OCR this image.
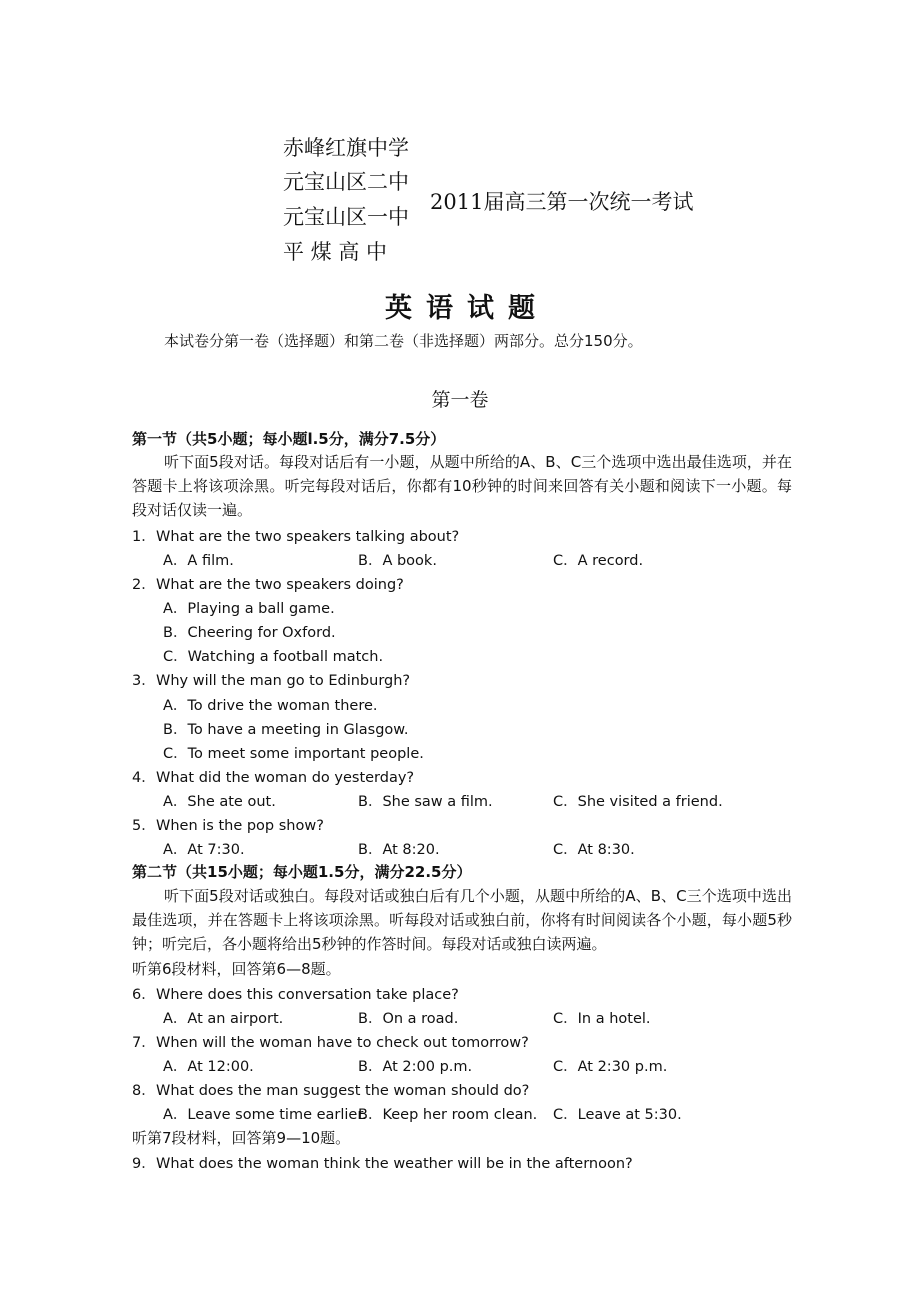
赤峰红旗中学
元宝山区二中
元宝山区一中
平 煤 高 中
2011届高三第一次统一考试
英语试题
本试卷分第一卷（选择题）和第二卷（非选择题）两部分。总分150分。
第一卷
第一节（共5小题；每小题l.5分，满分7.5分）
听下面5段对话。每段对话后有一小题，从题中所给的A、B、C三个选项中选出最佳选项，并在答题卡上将该项涂黑。听完每段对话后，你都有10秒钟的时间来回答有关小题和阅读下一小题。每段对话仅读一遍。
1．What are the two speakers talking about?
A．A film.	B．A book.	C．A record.
2．What are the two speakers doing?
A．Playing a ball game.
B．Cheering for Oxford.
C．Watching a football match.
3．Why will the man go to Edinburgh?
A．To drive the woman there.
B．To have a meeting in Glasgow.
C．To meet some important people.
4．What did the woman do yesterday?
A．She ate out.	B．She saw a film.	C．She visited a friend.
5．When is the pop show?
A．At 7:30.	B．At 8:20.	C．At 8:30.
第二节（共15小题；每小题1.5分，满分22.5分）
听下面5段对话或独白。每段对话或独白后有几个小题，从题中所给的A、B、C三个选项中选出最佳选项，并在答题卡上将该项涂黑。听每段对话或独白前，你将有时间阅读各个小题，每小题5秒钟；听完后，各小题将给出5秒钟的作答时间。每段对话或独白读两遍。
听第6段材料，回答第6—8题。
6．Where does this conversation take place?
A．At an airport.	B．On a road.	C．In a hotel.
7．When will the woman have to check out tomorrow?
A．At 12:00.	B．At 2:00 p.m.	C．At 2:30 p.m.
8．What does the man suggest the woman should do?
A．Leave some time earlier.
B．Keep her room clean. C．Leave at 5:30.
听第7段材料，回答第9—10题。
9．What does the woman think the weather will be in the afternoon?
